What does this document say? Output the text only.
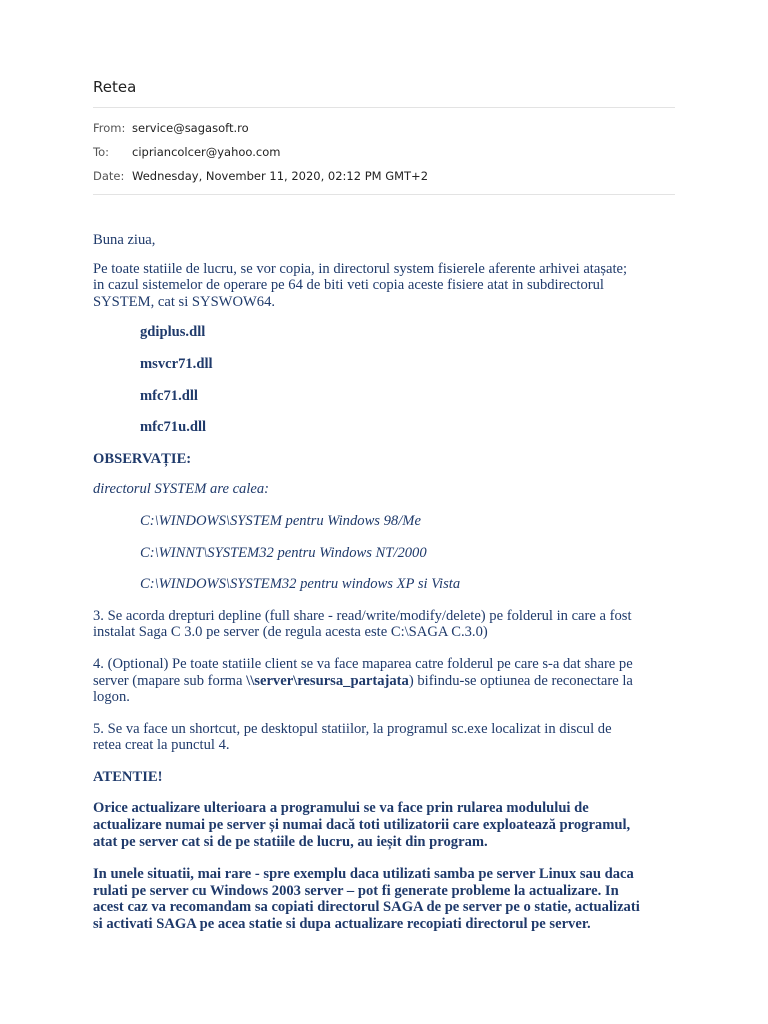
Retea
From: service@sagasoft.ro
To: cipriancolcer@yahoo.com
Date: Wednesday, November 11, 2020, 02:12 PM GMT+2

Buna ziua,

Pe toate statiile de lucru, se vor copia, in directorul system fisierele aferente arhivei atașate;
in cazul sistemelor de operare pe 64 de biti veti copia aceste fisiere atat in subdirectorul
SYSTEM, cat si SYSWOW64.

gdiplus.dll

msvcr71.dll

mfc71.dll

mfc71u.dll

OBSERVAȚIE:

directorul SYSTEM are calea:

C:\WINDOWS\SYSTEM pentru Windows 98/Me

C:\WINNT\SYSTEM32 pentru Windows NT/2000

C:\WINDOWS\SYSTEM32 pentru windows XP si Vista

3. Se acorda drepturi depline (full share - read/write/modify/delete) pe folderul in care a fost
instalat Saga C 3.0 pe server (de regula acesta este C:\SAGA C.3.0)

4. (Optional) Pe toate statiile client se va face maparea catre folderul pe care s-a dat share pe
server (mapare sub forma \\server\resursa_partajata) bifindu-se optiunea de reconectare la
logon.

5. Se va face un shortcut, pe desktopul statiilor, la programul sc.exe localizat in discul de
retea creat la punctul 4.

ATENTIE!

Orice actualizare ulterioara a programului se va face prin rularea modulului de
actualizare numai pe server și numai dacă toti utilizatorii care exploatează programul,
atat pe server cat si de pe statiile de lucru, au ieșit din program.

In unele situatii, mai rare - spre exemplu daca utilizati samba pe server Linux sau daca
rulati pe server cu Windows 2003 server – pot fi generate probleme la actualizare. In
acest caz va recomandam sa copiati directorul SAGA de pe server pe o statie, actualizati
si activati SAGA pe acea statie si dupa actualizare recopiati directorul pe server.
